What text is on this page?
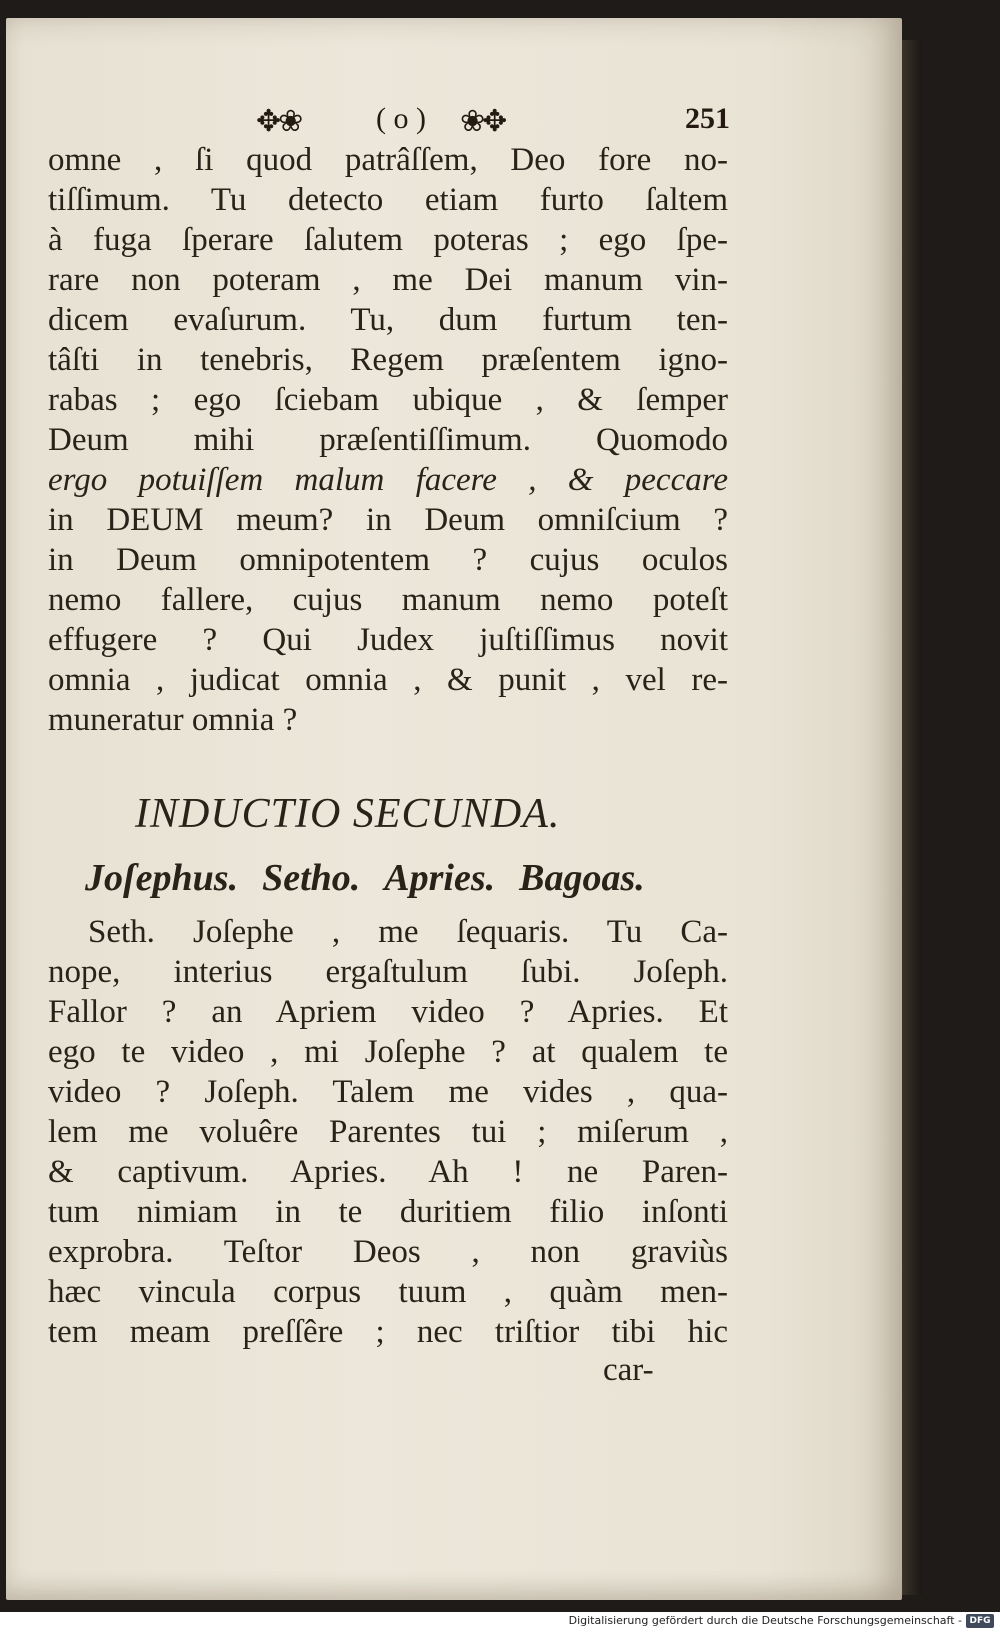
✥❀	( o ) ❀✥	251
omne , ſi quod patrâſſem, Deo fore no-
tiſſimum. Tu detecto etiam furto ſaltem
à fuga ſperare ſalutem poteras ; ego ſpe-
rare non poteram , me Dei manum vin-
dicem evaſurum. Tu, dum furtum ten-
tâſti in tenebris, Regem præſentem igno-
rabas ; ego ſciebam ubique , & ſemper
Deum mihi præſentiſſimum. Quomodo
ergo potuiſſem malum facere , & peccare
in DEUM meum? in Deum omniſcium ?
in Deum omnipotentem ? cujus oculos
nemo fallere, cujus manum nemo poteſt
effugere ? Qui Judex juſtiſſimus novit
omnia , judicat omnia , & punit , vel re-
muneratur omnia ?
INDUCTIO SECUNDA.
Joſephus. Setho. Apries. Bagoas.
Seth. Joſephe , me ſequaris. Tu Ca-
nope, interius ergaſtulum ſubi. Joſeph.
Fallor ? an Apriem video ? Apries. Et
ego te video , mi Joſephe ? at qualem te
video ? Joſeph. Talem me vides , qua-
lem me voluêre Parentes tui ; miſerum ,
& captivum. Apries. Ah ! ne Paren-
tum nimiam in te duritiem filio inſonti
exprobra. Teſtor Deos , non graviùs
hæc vincula corpus tuum , quàm men-
tem meam preſſêre ; nec triſtior tibi hic
car-
Digitalisierung gefördert durch die Deutsche Forschungsgemeinschaft - DFG
